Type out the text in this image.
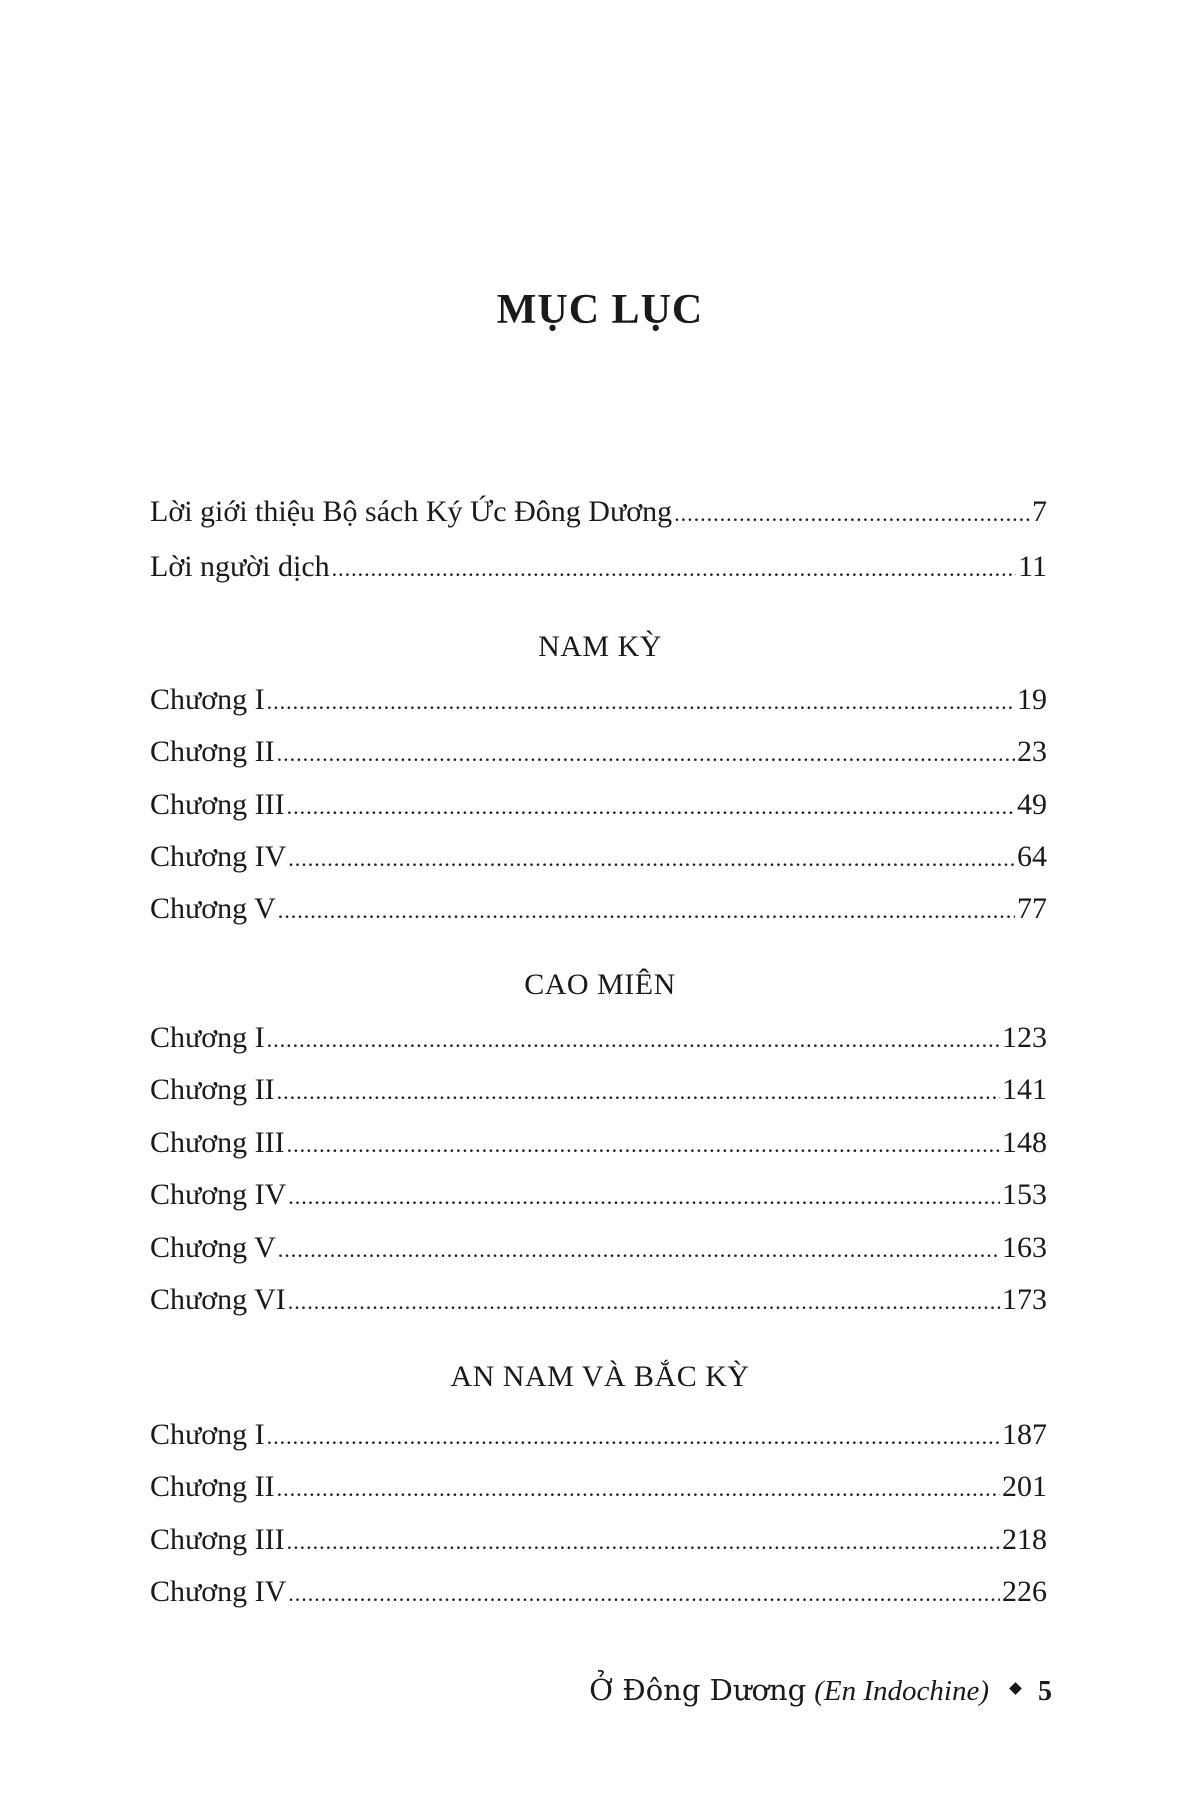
MỤC LỤC
Lời giới thiệu Bộ sách Ký Ức Đông Dương .....	7
Lời người dịch .....	11
NAM KỲ
Chương I .....	19
Chương II .....	23
Chương III .....	49
Chương IV .....	64
Chương V .....	77
CAO MIÊN
Chương I .....	123
Chương II .....	141
Chương III .....	148
Chương IV .....	153
Chương V .....	163
Chương VI .....	173
AN NAM VÀ BẮC KỲ
Chương I .....	187
Chương II .....	201
Chương III .....	218
Chương IV .....	226
Ở Đông Dương (En Indochine) 5
